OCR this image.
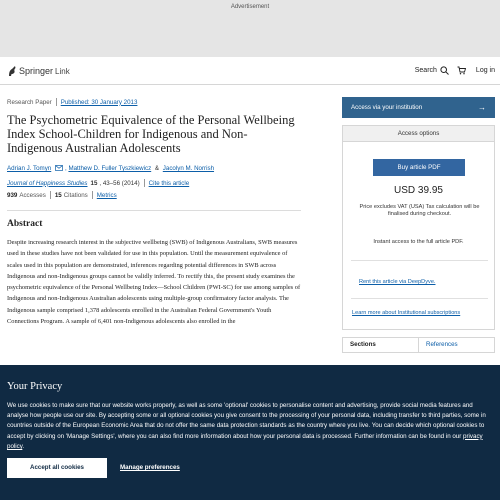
Advertisement
Springer Link	Search	Log in
Research Paper Published: 30 January 2013
The Psychometric Equivalence of the Personal Wellbeing Index School-Children for Indigenous and Non-Indigenous Australian Adolescents
Adrian J. Tomyn , Matthew D. Fuller Tyszkiewicz & Jacolyn M. Norrish
Journal of Happiness Studies 15 , 43–56 (2014) Cite this article
939 Accesses 15 Citations Metrics
Abstract

Despite increasing research interest in the subjective wellbeing (SWB) of Indigenous Australians, SWB measures used in these studies have not been validated for use in this population. Until the measurement equivalence of scales used in this population are demonstrated, inferences regarding potential differences in SWB across Indigenous and non-Indigenous groups cannot be validly inferred. To rectify this, the present study examines the psychometric equivalence of the Personal Wellbeing Index—School Children (PWI-SC) for use among samples of Indigenous and non-Indigenous Australian adolescents using multiple-group confirmatory factor analysis. The Indigenous sample comprised 1,378 adolescents enrolled in the Australian Federal Government's Youth Connections Program. A sample of 6,401 non-Indigenous adolescents also enrolled in the

Access via your institution	→
Access options
Buy article PDF
USD 39.95
Price excludes VAT (USA) Tax calculation will be finalised during checkout.
Instant access to the full article PDF.
Rent this article via DeepDyve.
Learn more about Institutional subscriptions
Sections	References
Your Privacy
We use cookies to make sure that our website works properly, as well as some 'optional' cookies to personalise content and advertising, provide social media features and analyse how people use our site. By accepting some or all optional cookies you give consent to the processing of your personal data, including transfer to third parties, some in countries outside of the European Economic Area that do not offer the same data protection standards as the country where you live. You can decide which optional cookies to accept by clicking on 'Manage Settings', where you can also find more information about how your personal data is processed. Further information can be found in our privacy policy.
Accept all cookies	Manage preferences
